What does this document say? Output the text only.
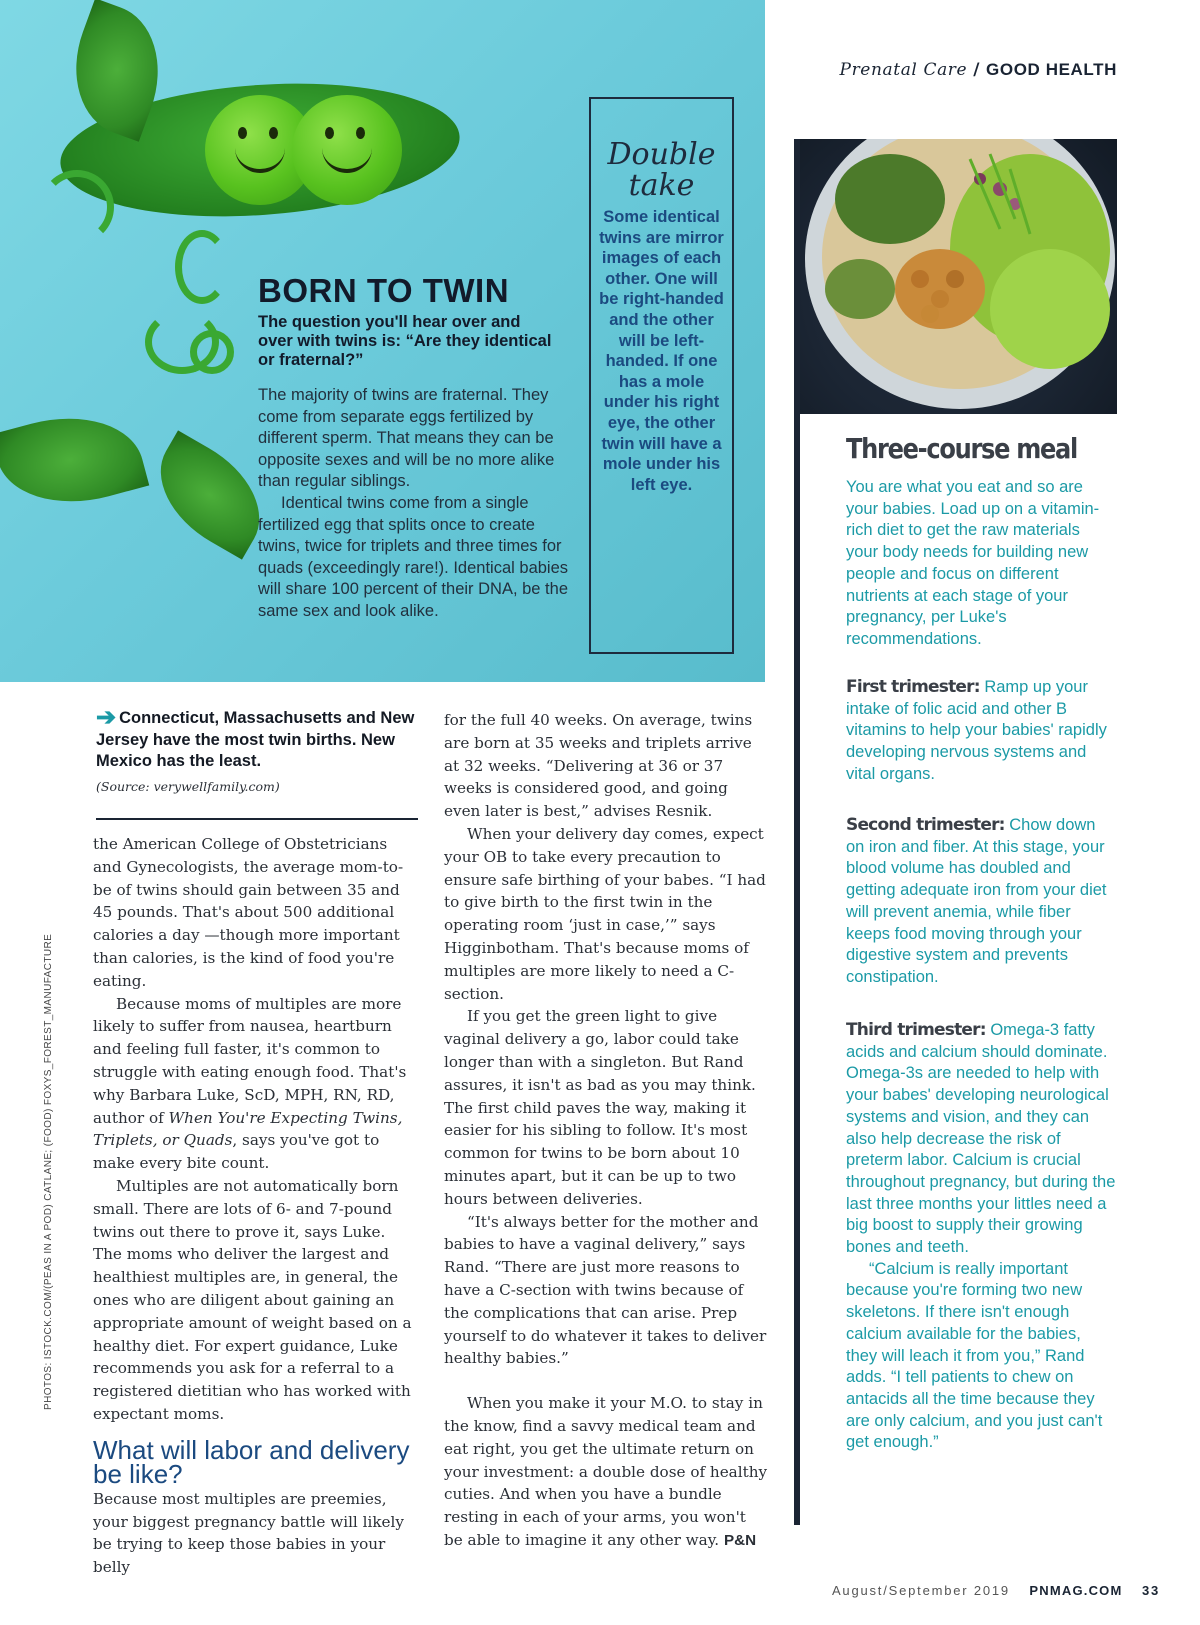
BORN TO TWIN

The question you'll hear over and over with twins is: “Are they identical or fraternal?”

The majority of twins are fraternal. They come from separate eggs fertilized by different sperm. That means they can be opposite sexes and will be no more alike than regular siblings.

Identical twins come from a single fertilized egg that splits once to create twins, twice for triplets and three times for quads (exceedingly rare!). Identical babies will share 100 percent of their DNA, be the same sex and look alike.

Double
take
Some identical twins are mirror images of each other. One will be right-handed and the other will be left-handed. If one has a mole under his right eye, the other twin will have a mole under his left eye.
Prenatal Care / GOOD HEALTH
Three-course meal

You are what you eat and so are your babies. Load up on a vitamin-rich diet to get the raw materials your body needs for building new people and focus on different nutrients at each stage of your pregnancy, per Luke's recommendations.

First trimester: Ramp up your intake of folic acid and other B vitamins to help your babies' rapidly developing nervous systems and vital organs.

Second trimester: Chow down on iron and fiber. At this stage, your blood volume has doubled and getting adequate iron from your diet will prevent anemia, while fiber keeps food moving through your digestive system and prevents constipation.

Third trimester: Omega-3 fatty acids and calcium should dominate. Omega-3s are needed to help with your babes' developing neurological systems and vision, and they can also help decrease the risk of preterm labor. Calcium is crucial throughout pregnancy, but during the last three months your littles need a big boost to supply their growing bones and teeth.

“Calcium is really important because you're forming two new skeletons. If there isn't enough calcium available for the babies, they will leach it from you,” Rand adds. “I tell patients to chew on antacids all the time because they are only calcium, and you just can't get enough.”

➔ Connecticut, Massachusetts and New Jersey have the most twin births. New Mexico has the least.

(Source: verywellfamily.com)

the American College of Obstetricians and Gynecologists, the average mom-to-be of twins should gain between 35 and 45 pounds. That's about 500 additional calories a day —though more important than calories, is the kind of food you're eating.

Because moms of multiples are more likely to suffer from nausea, heartburn and feeling full faster, it's common to struggle with eating enough food. That's why Barbara Luke, ScD, MPH, RN, RD, author of When You're Expecting Twins, Triplets, or Quads, says you've got to make every bite count.

Multiples are not automatically born small. There are lots of 6- and 7-pound twins out there to prove it, says Luke. The moms who deliver the largest and healthiest multiples are, in general, the ones who are diligent about gaining an appropriate amount of weight based on a healthy diet. For expert guidance, Luke recommends you ask for a referral to a registered dietitian who has worked with expectant moms.

What will labor and delivery be like?

Because most multiples are preemies, your biggest pregnancy battle will likely be trying to keep those babies in your belly

for the full 40 weeks. On average, twins are born at 35 weeks and triplets arrive at 32 weeks. “Delivering at 36 or 37 weeks is considered good, and going even later is best,” advises Resnik.

When your delivery day comes, expect your OB to take every precaution to ensure safe birthing of your babes. “I had to give birth to the first twin in the operating room ‘just in case,’” says Higginbotham. That's because moms of multiples are more likely to need a C-section.

If you get the green light to give vaginal delivery a go, labor could take longer than with a singleton. But Rand assures, it isn't as bad as you may think. The first child paves the way, making it easier for his sibling to follow. It's most common for twins to be born about 10 minutes apart, but it can be up to two hours between deliveries.

“It's always better for the mother and babies to have a vaginal delivery,” says Rand. “There are just more reasons to have a C-section with twins because of the complications that can arise. Prep yourself to do whatever it takes to deliver healthy babies.”

When you make it your M.O. to stay in the know, find a savvy medical team and eat right, you get the ultimate return on your investment: a double dose of healthy cuties. And when you have a bundle resting in each of your arms, you won't be able to imagine it any other way. P&N

PHOTOS: ISTOCK.COM/(PEAS IN A POD) CATLANE; (FOOD) FOXYS_FOREST_MANUFACTURE
August/September 2019 PNMAG.COM 33
